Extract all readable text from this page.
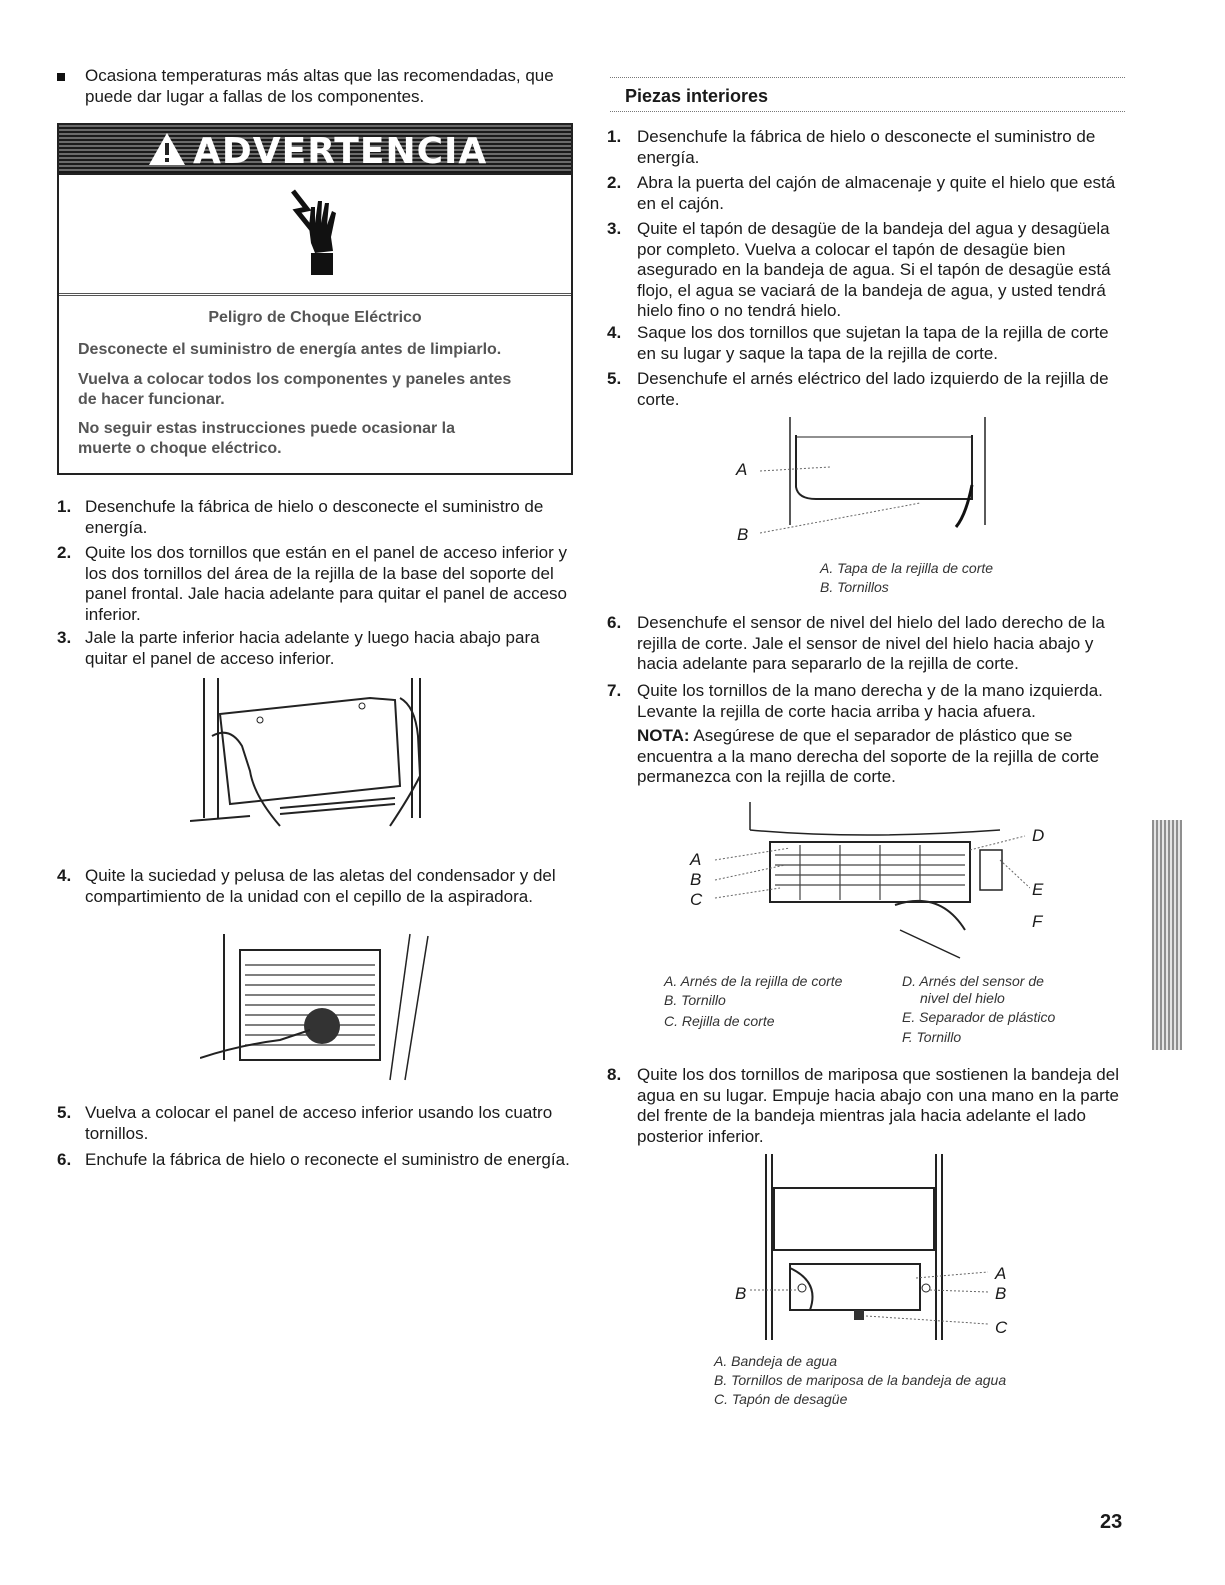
Ocasiona temperaturas más altas que las recomendadas, que puede dar lugar a fallas de los componentes.
ADVERTENCIA
Peligro de Choque Eléctrico
Desconecte el suministro de energía antes de limpiarlo.
Vuelva a colocar todos los componentes y paneles antes de hacer funcionar.
No seguir estas instrucciones puede ocasionar la muerte o choque eléctrico.
1. Desenchufe la fábrica de hielo o desconecte el suministro de energía.
2. Quite los dos tornillos que están en el panel de acceso inferior y los dos tornillos del área de la rejilla de la base del soporte del panel frontal. Jale hacia adelante para quitar el panel de acceso inferior.
3. Jale la parte inferior hacia adelante y luego hacia abajo para quitar el panel de acceso inferior.
4. Quite la suciedad y pelusa de las aletas del condensador y del compartimiento de la unidad con el cepillo de la aspiradora.
5. Vuelva a colocar el panel de acceso inferior usando los cuatro tornillos.
6. Enchufe la fábrica de hielo o reconecte el suministro de energía.
Piezas interiores
1. Desenchufe la fábrica de hielo o desconecte el suministro de energía.
2. Abra la puerta del cajón de almacenaje y quite el hielo que está en el cajón.
3. Quite el tapón de desagüe de la bandeja del agua y desagüela por completo. Vuelva a colocar el tapón de desagüe bien asegurado en la bandeja de agua. Si el tapón de desagüe está flojo, el agua se vaciará de la bandeja de agua, y usted tendrá hielo fino o no tendrá hielo.
4. Saque los dos tornillos que sujetan la tapa de la rejilla de corte en su lugar y saque la tapa de la rejilla de corte.
5. Desenchufe el arnés eléctrico del lado izquierdo de la rejilla de corte.
A
B
A. Tapa de la rejilla de corte
B. Tornillos
6. Desenchufe el sensor de nivel del hielo del lado derecho de la rejilla de corte. Jale el sensor de nivel del hielo hacia abajo y hacia adelante para separarlo de la rejilla de corte.
7. Quite los tornillos de la mano derecha y de la mano izquierda. Levante la rejilla de corte hacia arriba y hacia afuera.
NOTA: Asegúrese de que el separador de plástico que se encuentra a la mano derecha del soporte de la rejilla de corte permanezca con la rejilla de corte.
A
B
C
D
E
F
A. Arnés de la rejilla de corte
B. Tornillo
C. Rejilla de corte
D. Arnés del sensor de
nivel del hielo
E. Separador de plástico
F. Tornillo
8. Quite los dos tornillos de mariposa que sostienen la bandeja del agua en su lugar. Empuje hacia abajo con una mano en la parte del frente de la bandeja mientras jala hacia adelante el lado posterior inferior.
A
B	B
C
A. Bandeja de agua
B. Tornillos de mariposa de la bandeja de agua
C. Tapón de desagüe
23
